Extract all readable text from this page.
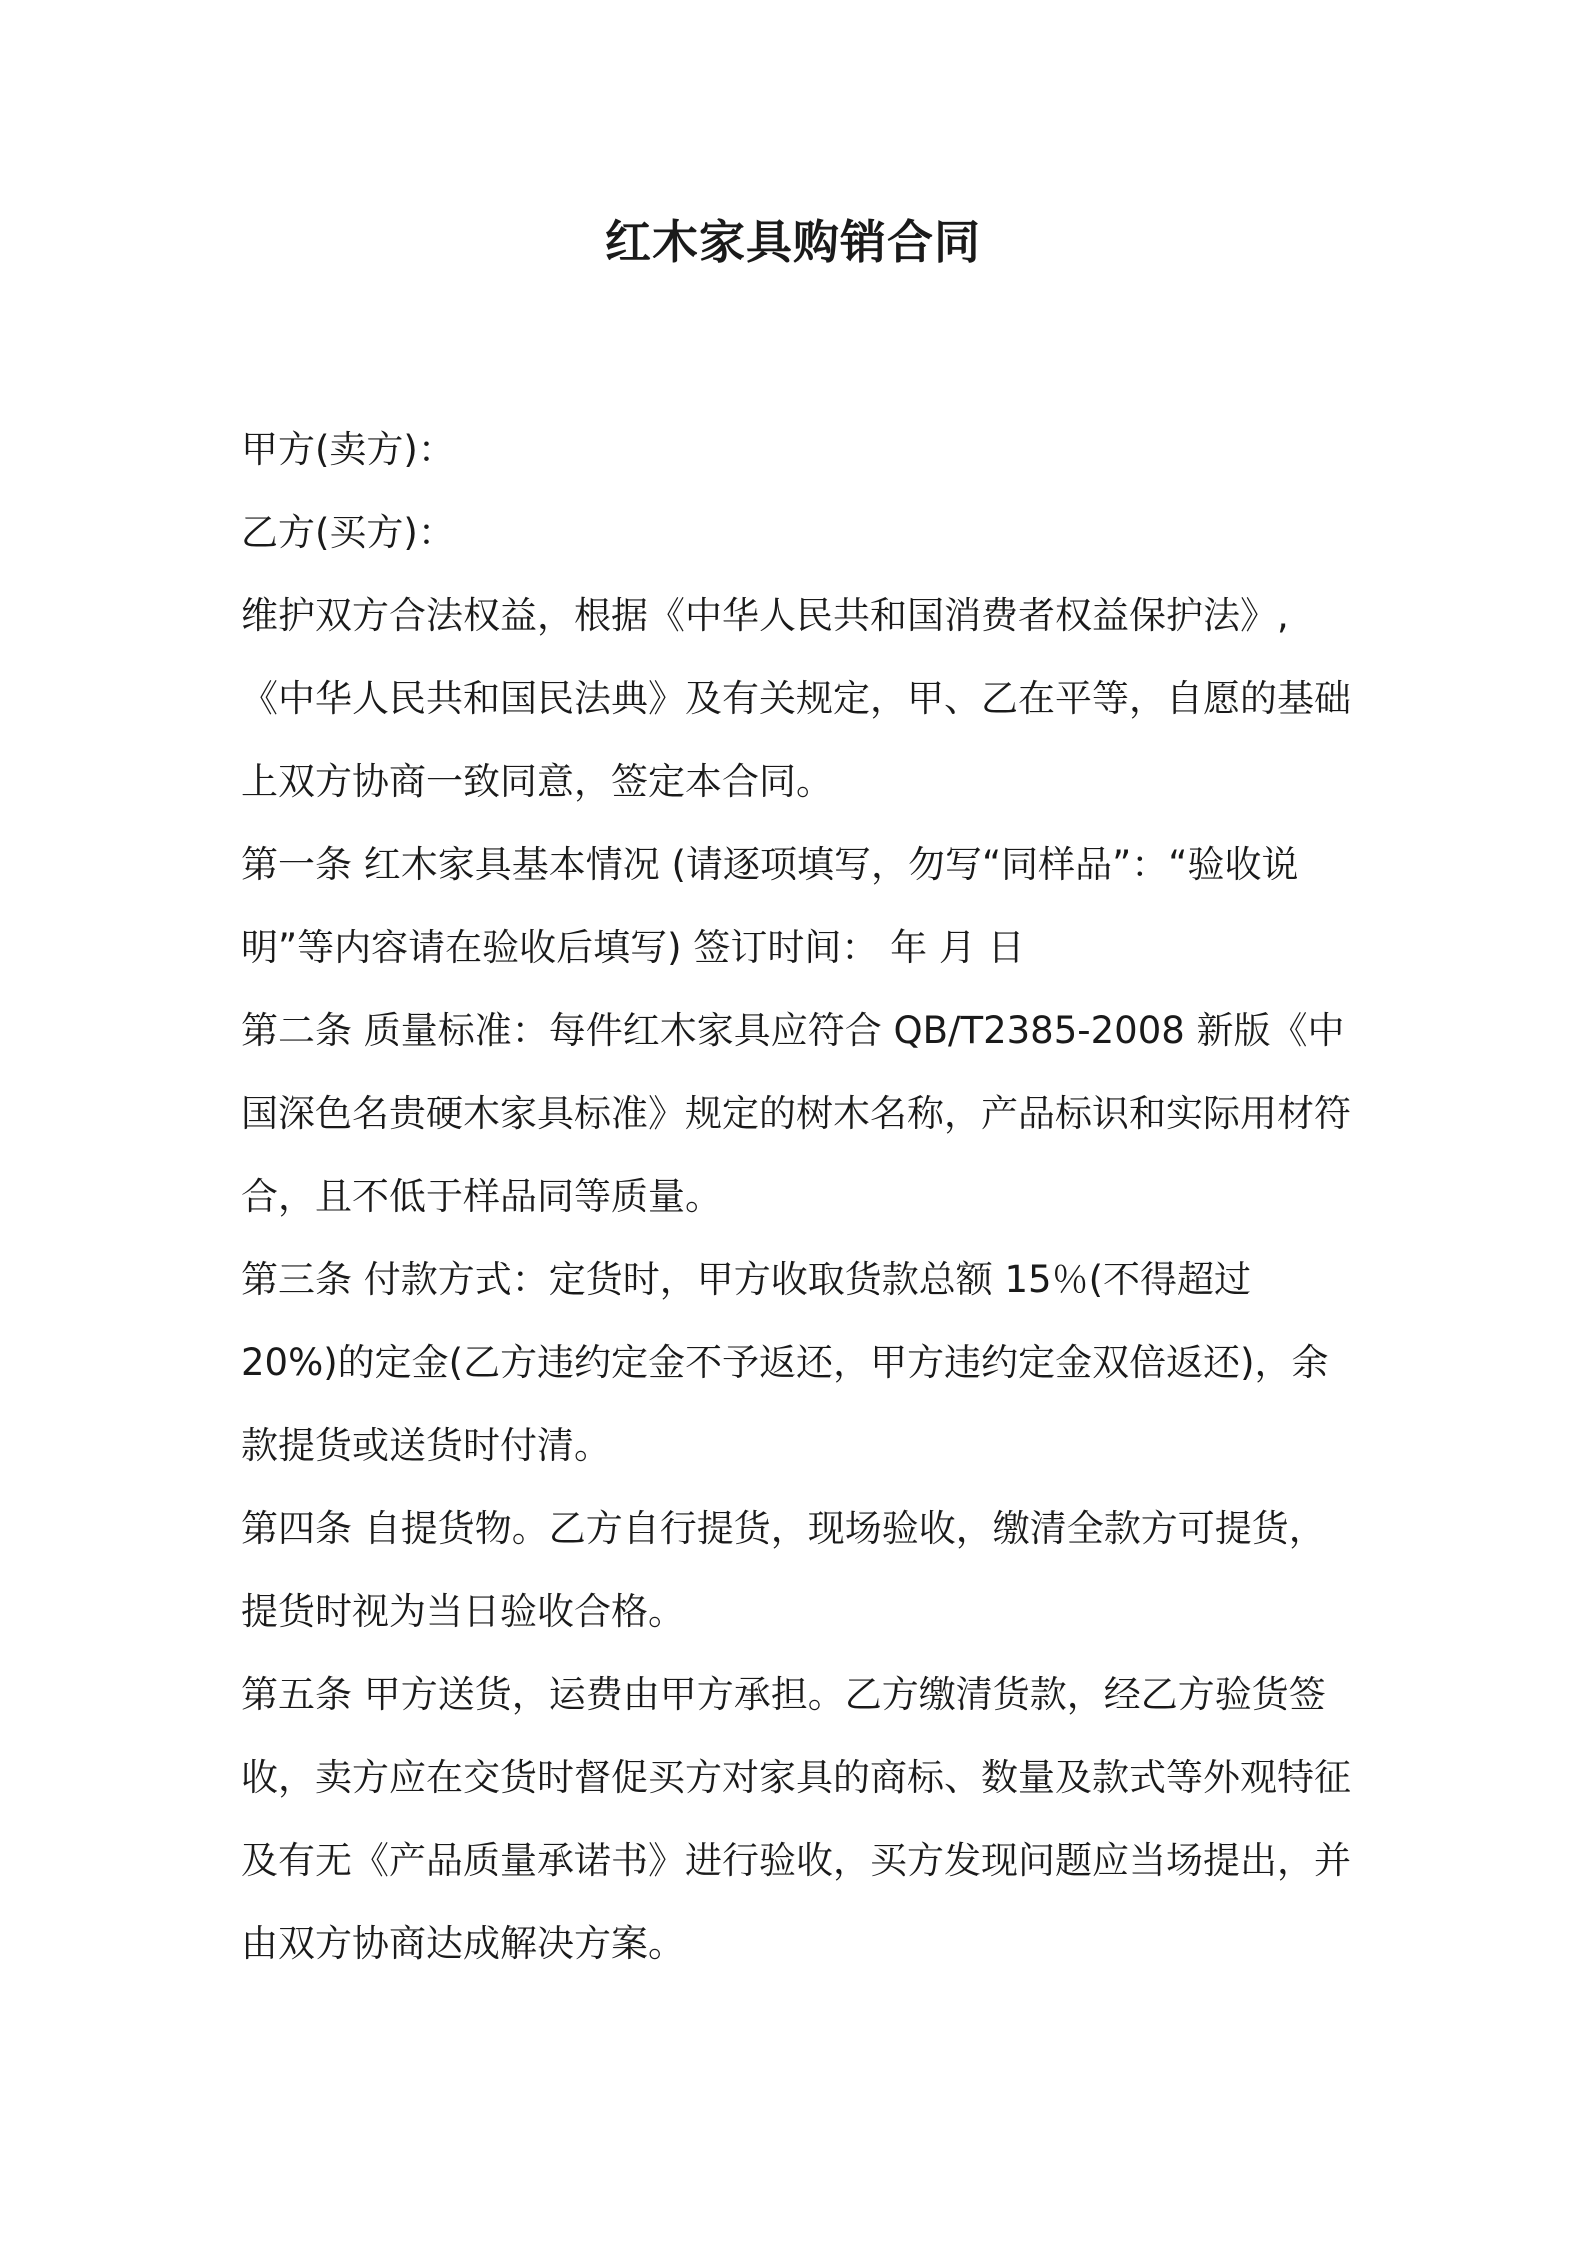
红木家具购销合同

甲方(卖方)：

乙方(买方)：

维护双方合法权益，根据《中华人民共和国消费者权益保护法》,《中华人民共和国民法典》及有关规定，甲、乙在平等，自愿的基础上双方协商一致同意，签定本合同。

第一条 红木家具基本情况 (请逐项填写，勿写“同样品”：“验收说明”等内容请在验收后填写) 签订时间： 年 月 日

第二条 质量标准：每件红木家具应符合 QB/T2385-2008 新版《中国深色名贵硬木家具标准》规定的树木名称，产品标识和实际用材符合，且不低于样品同等质量。

第三条 付款方式：定货时，甲方收取货款总额 15％(不得超过 20%)的定金(乙方违约定金不予返还，甲方违约定金双倍返还)，余款提货或送货时付清。

第四条 自提货物。乙方自行提货，现场验收，缴清全款方可提货，提货时视为当日验收合格。

第五条 甲方送货，运费由甲方承担。乙方缴清货款，经乙方验货签收，卖方应在交货时督促买方对家具的商标、数量及款式等外观特征及有无《产品质量承诺书》进行验收，买方发现问题应当场提出，并由双方协商达成解决方案。
